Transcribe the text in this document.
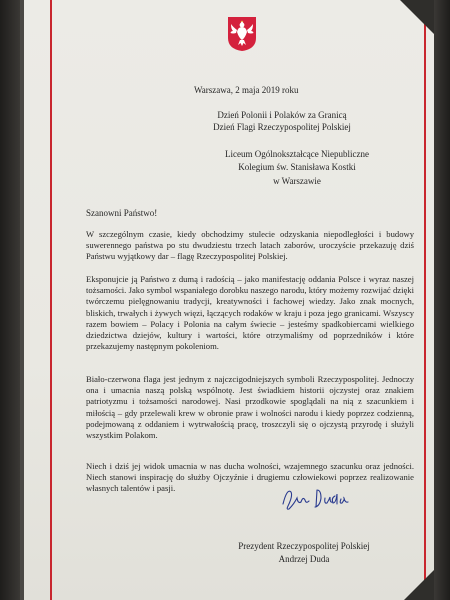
Warszawa, 2 maja 2019 roku
Dzień Polonii i Polaków za Granicą
Dzień Flagi Rzeczypospolitej Polskiej
Liceum Ogólnokształcące Niepubliczne
Kolegium św. Stanisława Kostki
w Warszawie
Szanowni Państwo!

W szczególnym czasie, kiedy obchodzimy stulecie odzyskania niepodległości i budowy suwerennego państwa po stu dwudziestu trzech latach zaborów, uroczyście przekazuję dziś Państwu wyjątkowy dar – flagę Rzeczypospolitej Polskiej.

Eksponujcie ją Państwo z dumą i radością – jako manifestację oddania Polsce i wyraz naszej tożsamości. Jako symbol wspaniałego dorobku naszego narodu, który możemy rozwijać dzięki twórczemu pielęgnowaniu tradycji, kreatywności i fachowej wiedzy. Jako znak mocnych, bliskich, trwałych i żywych więzi, łączących rodaków w kraju i poza jego granicami. Wszyscy razem bowiem – Polacy i Polonia na całym świecie – jesteśmy spadkobiercami wielkiego dziedzictwa dziejów, kultury i wartości, które otrzymaliśmy od poprzedników i które przekazujemy następnym pokoleniom.

Biało-czerwona flaga jest jednym z najczcigodniejszych symboli Rzeczypospolitej. Jednoczy ona i umacnia naszą polską wspólnotę. Jest świadkiem historii ojczystej oraz znakiem patriotyzmu i tożsamości narodowej. Nasi przodkowie spoglądali na nią z szacunkiem i miłością – gdy przelewali krew w obronie praw i wolności narodu i kiedy poprzez codzienną, podejmowaną z oddaniem i wytrwałością pracę, troszczyli się o ojczystą przyrodę i służyli wszystkim Polakom.

Niech i dziś jej widok umacnia w nas ducha wolności, wzajemnego szacunku oraz jedności. Niech stanowi inspirację do służby Ojczyźnie i drugiemu człowiekowi poprzez realizowanie własnych talentów i pasji.

Prezydent Rzeczypospolitej Polskiej
Andrzej Duda
